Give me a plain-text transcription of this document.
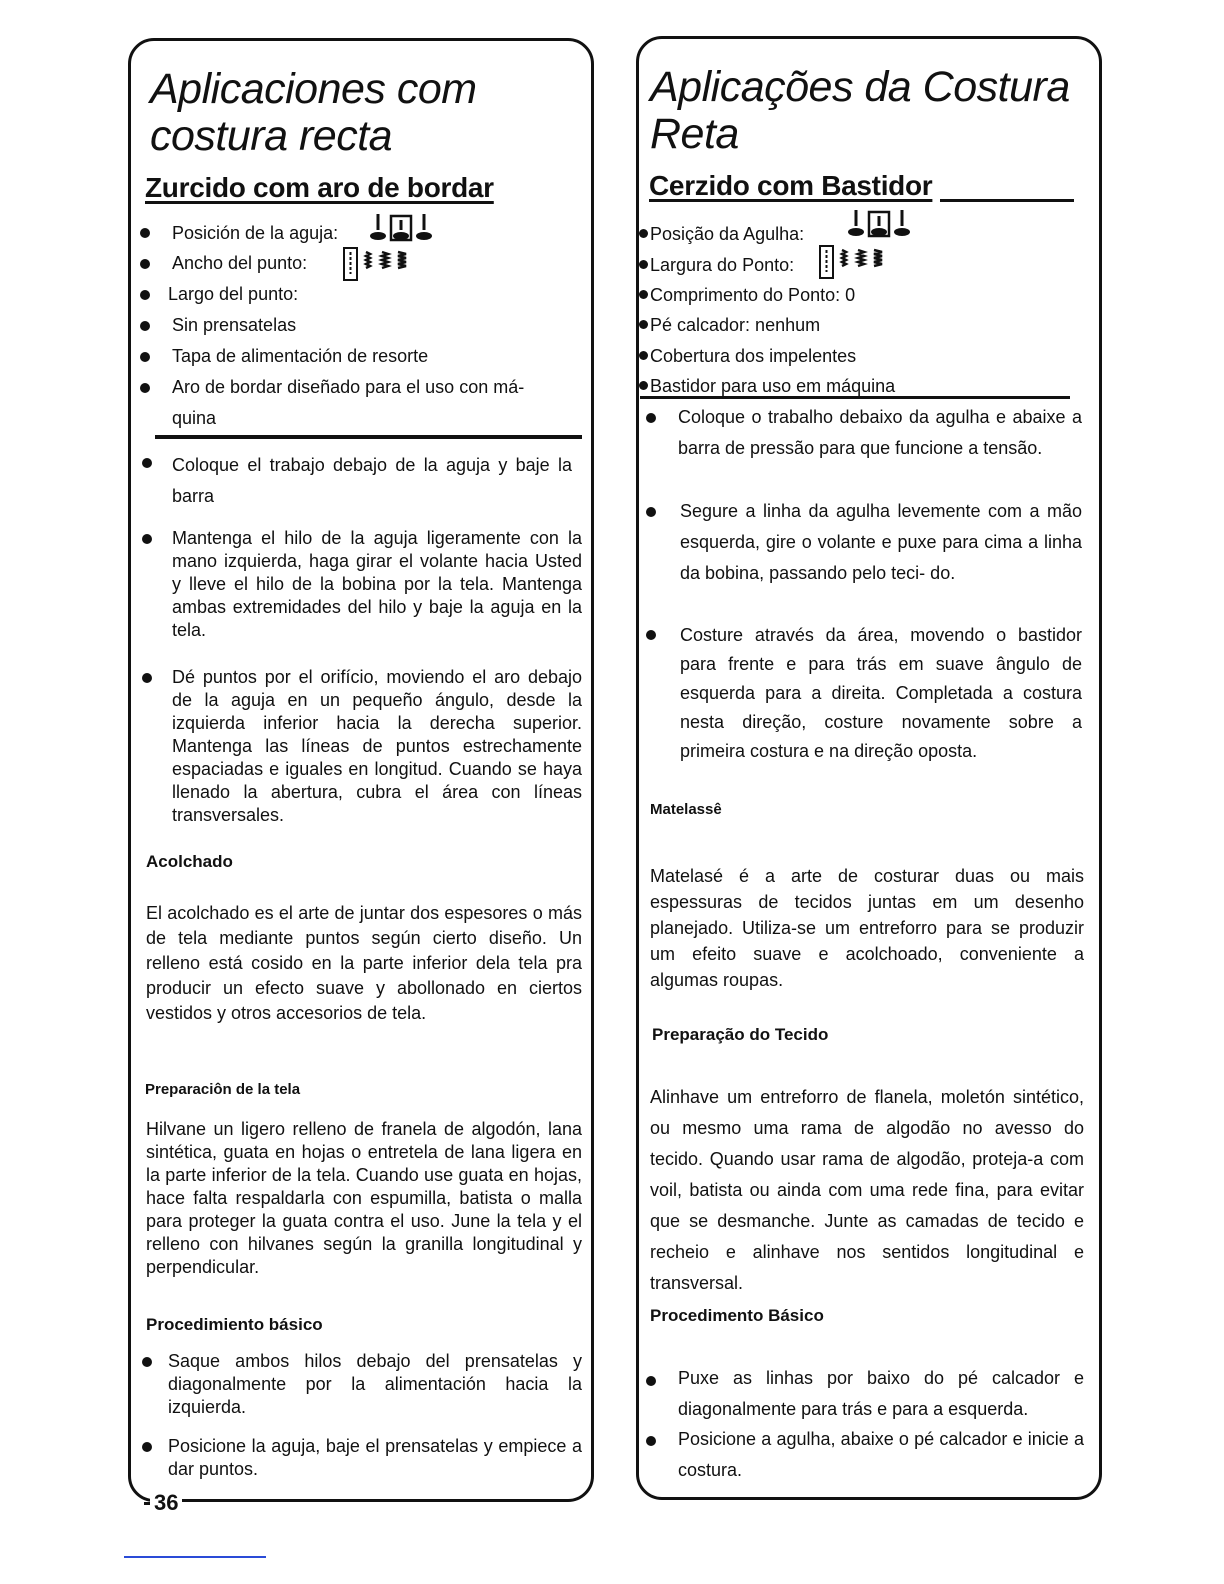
Aplicaciones com
costura recta
Zurcido com aro de bordar
Posición de la aguja:
Ancho del punto:
Largo del punto:
Sin prensatelas
Tapa de alimentación de resorte
Aro de bordar diseñado para el uso con má-
quina
Coloque el trabajo debajo de la aguja y baje la barra
Mantenga el hilo de la aguja ligeramente con la mano izquierda, haga girar el volante hacia Usted y lleve el hilo de la bobina por la tela. Mantenga ambas extremidades del hilo y baje la aguja en la tela.
Dé puntos por el orifício, moviendo el aro debajo de la aguja en un pequeño ángulo, desde la izquierda inferior hacia la derecha superior. Mantenga las líneas de puntos estrechamente espaciadas e iguales en longitud. Cuando se haya llenado la abertura, cubra el área con líneas transversales.
Acolchado
El acolchado es el arte de juntar dos espesores o más de tela mediante puntos según cierto diseño. Un relleno está cosido en la parte inferior dela tela pra producir un efecto suave y abollonado en ciertos vestidos y otros accesorios de tela.
Preparaciôn de la tela
Hilvane un ligero relleno de franela de algodón, lana sintética, guata en hojas o entretela de lana ligera en la parte inferior de la tela. Cuando use guata en hojas, hace falta respaldarla con espumilla, batista o malla para proteger la guata contra el uso. June la tela y el relleno con hilvanes según la granilla longitudinal y perpendicular.
Procedimiento básico
Saque ambos hilos debajo del prensatelas y diagonalmente por la alimentación hacia la izquierda.
Posicione la aguja, baje el prensatelas y empiece a dar puntos.
36
Aplicações da Costura
Reta
Cerzido com Bastidor
Posição da Agulha:
Largura do Ponto:
Comprimento do Ponto: 0
Pé calcador: nenhum
Cobertura dos impelentes
Bastidor para uso em máquina
Coloque o trabalho debaixo da agulha e abaixe a barra de pressão para que funcione a tensão.
Segure a linha da agulha levemente com a mão esquerda, gire o volante e puxe para cima a linha da bobina, passando pelo teci- do.
Costure através da área, movendo o bastidor para frente e para trás em suave ângulo de esquerda para a direita. Completada a costura nesta direção, costure novamente sobre a primeira costura e na direção oposta.
Matelassê
Matelasé é a arte de costurar duas ou mais espessuras de tecidos juntas em um desenho planejado. Utiliza-se um entreforro para se produzir um efeito suave e acolchoado, conveniente a algumas roupas.
Preparação do Tecido
Alinhave um entreforro de flanela, moletón sintético, ou mesmo uma rama de algodão no avesso do tecido. Quando usar rama de algodão, proteja-a com voil, batista ou ainda com uma rede fina, para evitar que se desmanche. Junte as camadas de tecido e recheio e alinhave nos sentidos longitudinal e transversal.
Procedimento Básico
Puxe as linhas por baixo do pé calcador e diagonalmente para trás e para a esquerda.
Posicione a agulha, abaixe o pé calcador e inicie a costura.
